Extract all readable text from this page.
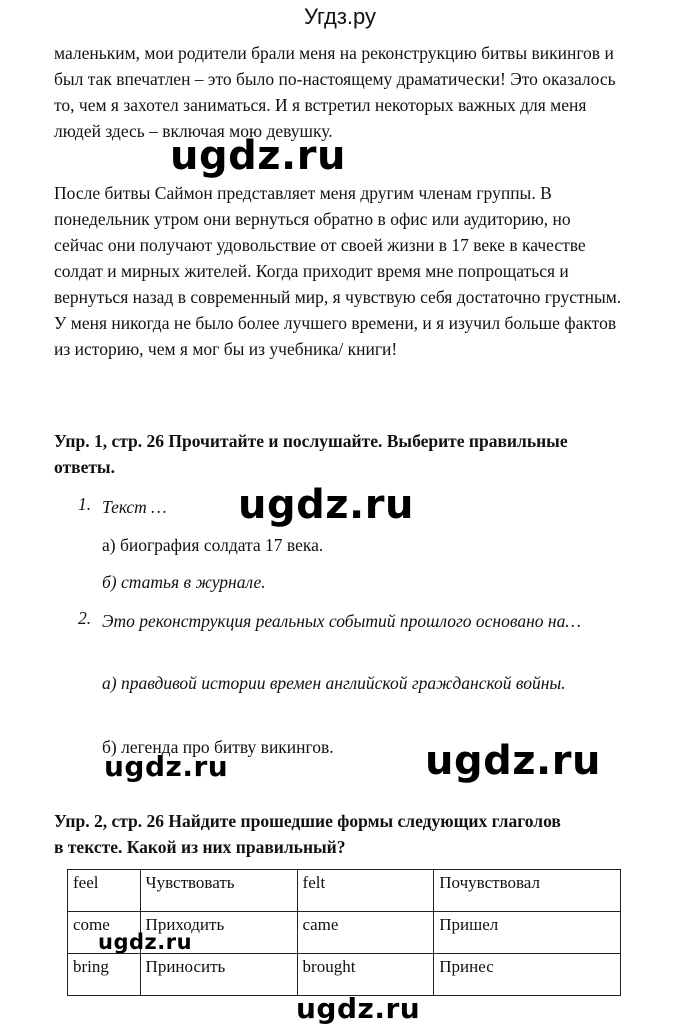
Угдз.ру

маленьким, мои родители брали меня на реконструкцию битвы викингов и был так впечатлен – это было по-настоящему драматически! Это оказалось то, чем я захотел заниматься. И я встретил некоторых важных для меня людей здесь – включая мою девушку.

После битвы Саймон представляет меня другим членам группы. В понедельник утром они вернуться обратно в офис или аудиторию, но сейчас они получают удовольствие от своей жизни в 17 веке в качестве солдат и мирных жителей. Когда приходит время мне попрощаться и вернуться назад в современный мир, я чувствую себя достаточно грустным. У меня никогда не было более лучшего времени, и я изучил больше фактов из историю, чем я мог бы из учебника/ книги!

Упр. 1, стр. 26 Прочитайте и послушайте. Выберите правильные ответы.

1. Текст …

а) биография солдата 17 века.

б) статья в журнале.

2. Это реконструкция реальных событий прошлого основано на…

а) правдивой истории времен английской гражданской войны.

б) легенда про битву викингов.

Упр. 2, стр. 26 Найдите прошедшие формы следующих глаголов в тексте. Какой из них правильный?

feel	Чувствовать	felt	Почувствовал
come	Приходить	came	Пришел
bring	Приносить	brought	Принес
ugdz.ru
ugdz.ru
ugdz.ru	ugdz.ru
ugdz.ru
ugdz.ru
